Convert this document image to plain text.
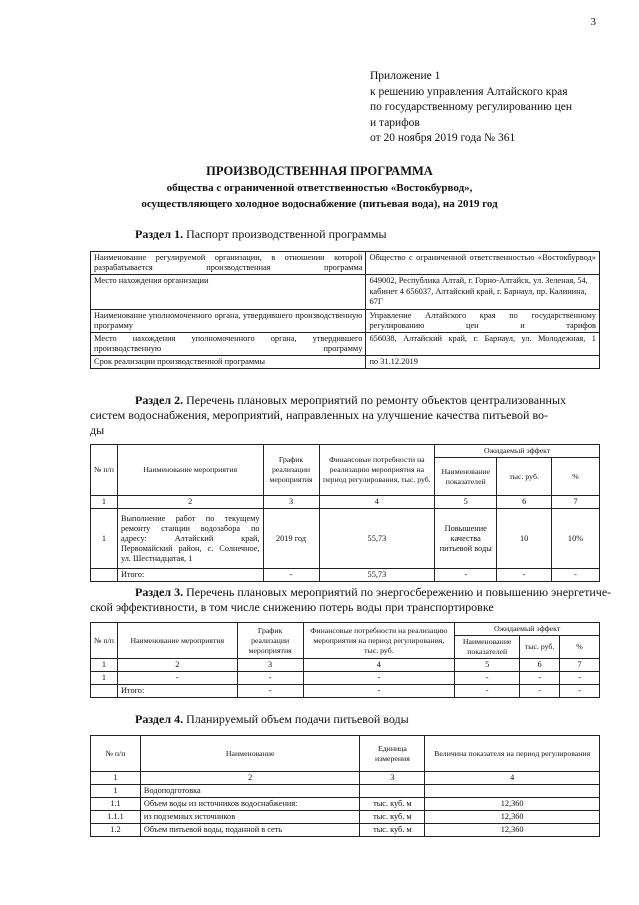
3
Приложение 1
к решению управления Алтайского края
по государственному регулированию цен
и тарифов
от 20 ноября 2019 года № 361
ПРОИЗВОДСТВЕННАЯ ПРОГРАММА
общества с ограниченной ответственностью «Востокбурвод»,
осуществляющего холодное водоснабжение (питьевая вода), на 2019 год
Раздел 1. Паспорт производственной программы
Наименование регулируемой организации, в отношении которой разрабатывается производственная программа	Общество с ограниченной ответственностью «Востокбурвод»
Место нахождения организации	649002, Республика Алтай, г. Горно-Алтайск, ул. Зеленая, 54, кабинет 4 656037, Алтайский край, г. Барнаул, пр. Калинина, 67Г
Наименование уполномоченного органа, утвердившего производственную программу	Управление Алтайского края по государственному регулированию цен и тарифов
Место нахождения уполномоченного органа, утвердившего производственную программу	656038, Алтайский край, г. Барнаул, ул. Молодежная, 1
Срок реализации производственной программы	по 31.12.2019
Раздел 2. Перечень плановых мероприятий по ремонту объектов централизованных
систем водоснабжения, мероприятий, направленных на улучшение качества питьевой во-
ды
№ п/п	Наименование мероприятия	График реализации мероприятия	Финансовые потребности на реализацию мероприятия на период регулирования, тыс. руб.	Ожидаемый эффект		
				Наименование показателей	тыс. руб.	%
1	2	3	4	5	6	7
1	Выполнение работ по текущему ремонту станции водозабора по адресу: Алтайский край, Первомайский район, с. Солнечное, ул. Шестнадцатая, 1	2019 год	55,73	Повышение качества питьевой воды	10	10%
	Итого:	-	55,73	-	-	-
Раздел 3. Перечень плановых мероприятий по энергосбережению и повышению энергетиче-
ской эффективности, в том числе снижению потерь воды при транспортировке
№ п/п	Наименование мероприятия	График реализации мероприятия	Финансовые потребности на реализацию мероприятия на период регулирования, тыс. руб.	Ожидаемый эффект		
				Наименование показателей	тыс. руб.	%
1	2	3	4	5	6	7
1	-	-	-	-	-	-
	Итого:	-	-	-	-	-
Раздел 4. Планируемый объем подачи питьевой воды
№ п/п	Наименование	Единица измерения	Величина показателя на период регулирования
1	2	3	4
1	Водоподготовка		
1.1	Объем воды из источников водоснабжения:	тыс. куб. м	12,360
1.1.1	из подземных источников	тыс. куб. м	12,360
1.2	Объем питьевой воды, поданной в сеть	тыс. куб. м	12,360
